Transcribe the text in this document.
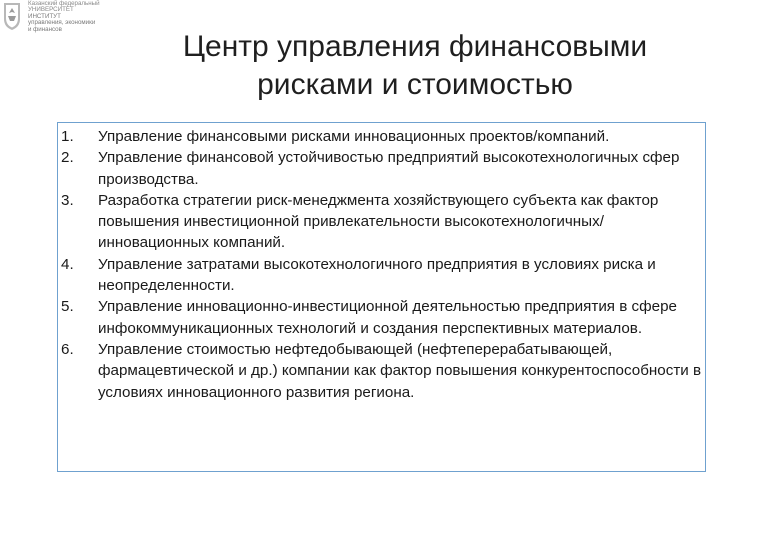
Казанский федеральный
УНИВЕРСИТЕТ
ИНСТИТУТ
управления, экономики
и финансов
Центр управления финансовыми рисками и стоимостью
1.	Управление финансовыми рисками инновационных проектов/компаний.
2.	Управление финансовой устойчивостью предприятий высокотехнологичных сфер производства.
3.	Разработка стратегии риск-менеджмента хозяйствующего субъекта как фактор повышения инвестиционной привлекательности высокотехнологичных/ инновационных компаний.
4.	Управление затратами высокотехнологичного предприятия в условиях риска и неопределенности.
5.	Управление инновационно-инвестиционной деятельностью предприятия в сфере инфокоммуникационных технологий и создания перспективных материалов.
6.	Управление стоимостью нефтедобывающей (нефтеперерабатывающей, фармацевтической и др.) компании как фактор повышения конкурентоспособности в условиях инновационного развития региона.
